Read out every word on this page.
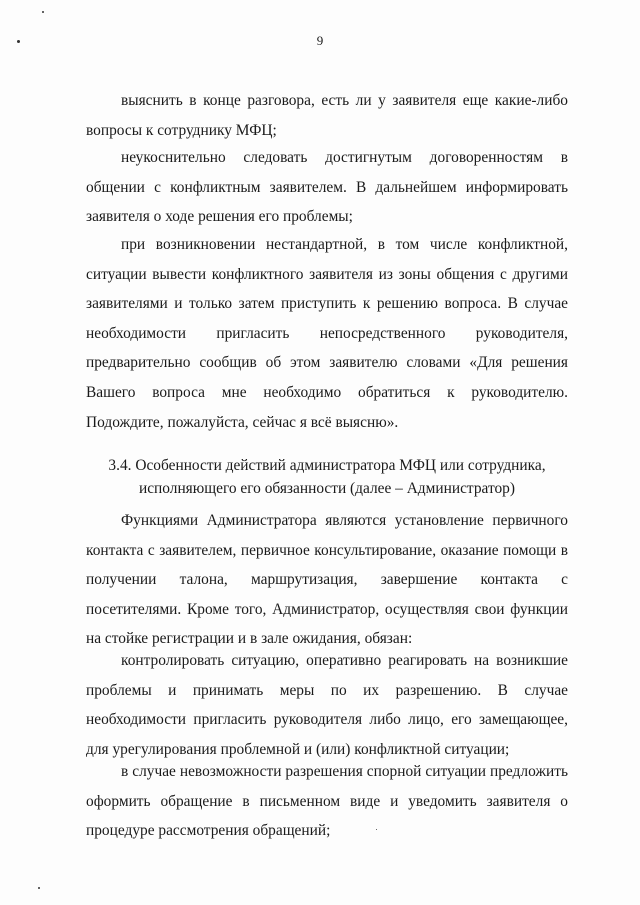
9

выяснить в конце разговора, есть ли у заявителя еще какие-либо вопросы к сотруднику МФЦ;

неукоснительно следовать достигнутым договоренностям в общении с конфликтным заявителем. В дальнейшем информировать заявителя о ходе решения его проблемы;

при возникновении нестандартной, в том числе конфликтной, ситуации вывести конфликтного заявителя из зоны общения с другими заявителями и только затем приступить к решению вопроса. В случае необходимости пригласить непосредственного руководителя, предварительно сообщив об этом заявителю словами «Для решения Вашего вопроса мне необходимо обратиться к руководителю. Подождите, пожалуйста, сейчас я всё выясню».

3.4. Особенности действий администратора МФЦ или сотрудника,
исполняющего его обязанности (далее – Администратор)

Функциями Администратора являются установление первичного контакта с заявителем, первичное консультирование, оказание помощи в получении талона, маршрутизация, завершение контакта с посетителями. Кроме того, Администратор, осуществляя свои функции на стойке регистрации и в зале ожидания, обязан:

контролировать ситуацию, оперативно реагировать на возникшие проблемы и принимать меры по их разрешению. В случае необходимости пригласить руководителя либо лицо, его замещающее, для урегулирования проблемной и (или) конфликтной ситуации;

в случае невозможности разрешения спорной ситуации предложить оформить обращение в письменном виде и уведомить заявителя о процедуре рассмотрения обращений;
